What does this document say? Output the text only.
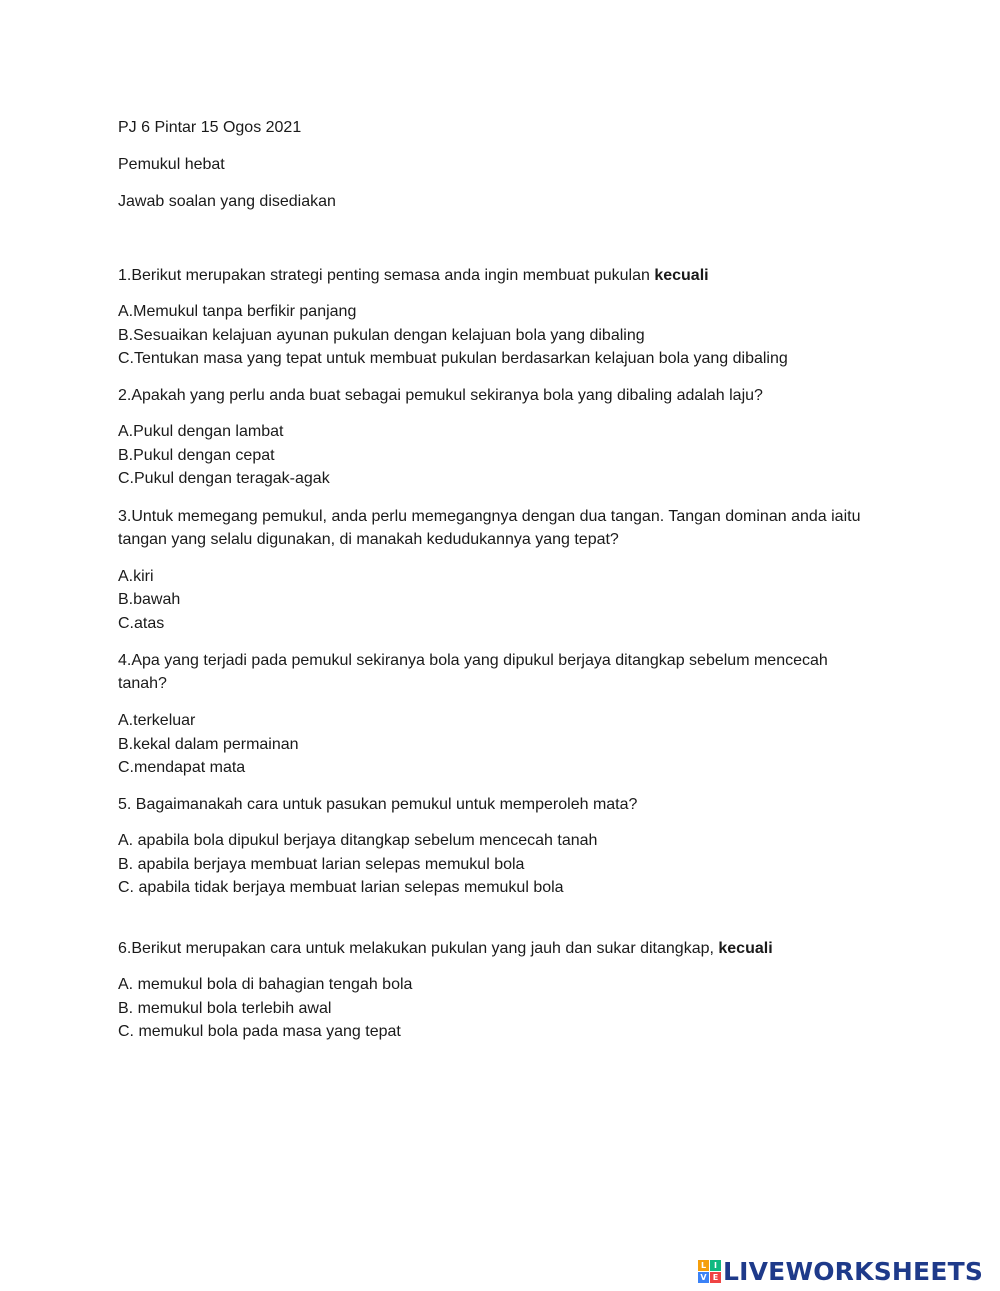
PJ 6 Pintar 15 Ogos 2021
Pemukul hebat
Jawab soalan yang disediakan
1.Berikut merupakan strategi penting semasa anda ingin membuat pukulan kecuali
A.Memukul tanpa berfikir panjang
B.Sesuaikan kelajuan ayunan pukulan dengan kelajuan bola yang dibaling
C.Tentukan masa yang tepat untuk membuat pukulan berdasarkan kelajuan bola yang dibaling
2.Apakah yang perlu anda buat sebagai pemukul sekiranya bola yang dibaling adalah laju?
A.Pukul dengan lambat
B.Pukul dengan cepat
C.Pukul dengan teragak-agak
3.Untuk memegang pemukul, anda perlu memegangnya dengan dua tangan. Tangan dominan anda iaitu
tangan yang selalu digunakan, di manakah kedudukannya yang tepat?
A.kiri
B.bawah
C.atas
4.Apa yang terjadi pada pemukul sekiranya bola yang dipukul berjaya ditangkap sebelum mencecah
tanah?
A.terkeluar
B.kekal dalam permainan
C.mendapat mata
5. Bagaimanakah cara untuk pasukan pemukul untuk memperoleh mata?
A. apabila bola dipukul berjaya ditangkap sebelum mencecah tanah
B. apabila berjaya membuat larian selepas memukul bola
C. apabila tidak berjaya membuat larian selepas memukul bola
6.Berikut merupakan cara untuk melakukan pukulan yang jauh dan sukar ditangkap, kecuali
A. memukul bola di bahagian tengah bola
B. memukul bola terlebih awal
C. memukul bola pada masa yang tepat
L I
V E LIVEWORKSHEETS
